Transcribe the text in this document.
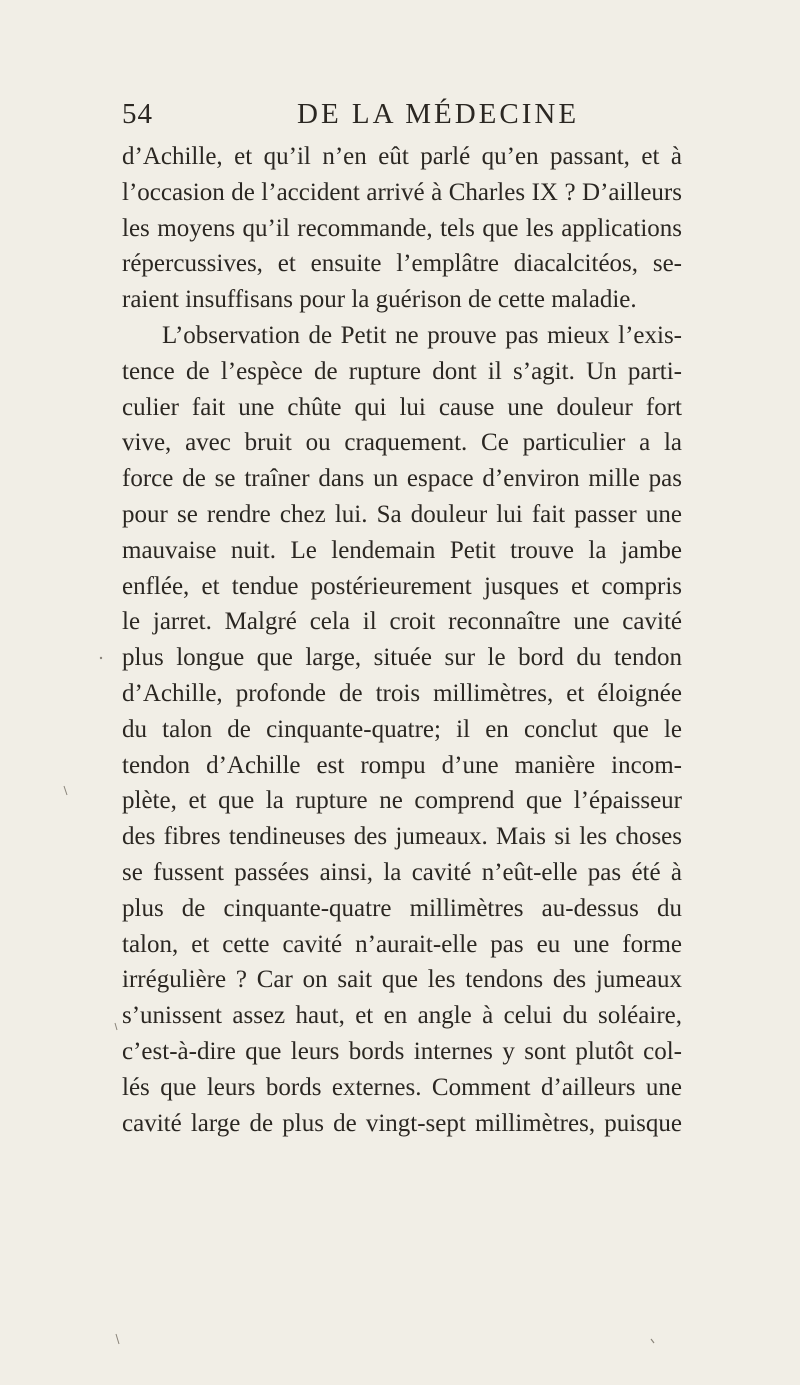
54	DE LA MÉDECINE
d’Achille, et qu’il n’en eût parlé qu’en passant, et à
l’occasion de l’accident arrivé à Charles IX ? D’ailleurs
les moyens qu’il recommande, tels que les applications
répercussives, et ensuite l’emplâtre diacalcitéos, se-
raient insuffisans pour la guérison de cette maladie.
L’observation de Petit ne prouve pas mieux l’exis-
tence de l’espèce de rupture dont il s’agit. Un parti-
culier fait une chûte qui lui cause une douleur fort
vive, avec bruit ou craquement. Ce particulier a la
force de se traîner dans un espace d’environ mille pas
pour se rendre chez lui. Sa douleur lui fait passer une
mauvaise nuit. Le lendemain Petit trouve la jambe
enflée, et tendue postérieurement jusques et compris
le jarret. Malgré cela il croit reconnaître une cavité
plus longue que large, située sur le bord du tendon
d’Achille, profonde de trois millimètres, et éloignée
du talon de cinquante-quatre; il en conclut que le
tendon d’Achille est rompu d’une manière incom-
plète, et que la rupture ne comprend que l’épaisseur
des fibres tendineuses des jumeaux. Mais si les choses
se fussent passées ainsi, la cavité n’eût-elle pas été à
plus de cinquante-quatre millimètres au-dessus du
talon, et cette cavité n’aurait-elle pas eu une forme
irrégulière ? Car on sait que les tendons des jumeaux
s’unissent assez haut, et en angle à celui du soléaire,
c’est-à-dire que leurs bords internes y sont plutôt col-
lés que leurs bords externes. Comment d’ailleurs une
cavité large de plus de vingt-sept millimètres, puisque
